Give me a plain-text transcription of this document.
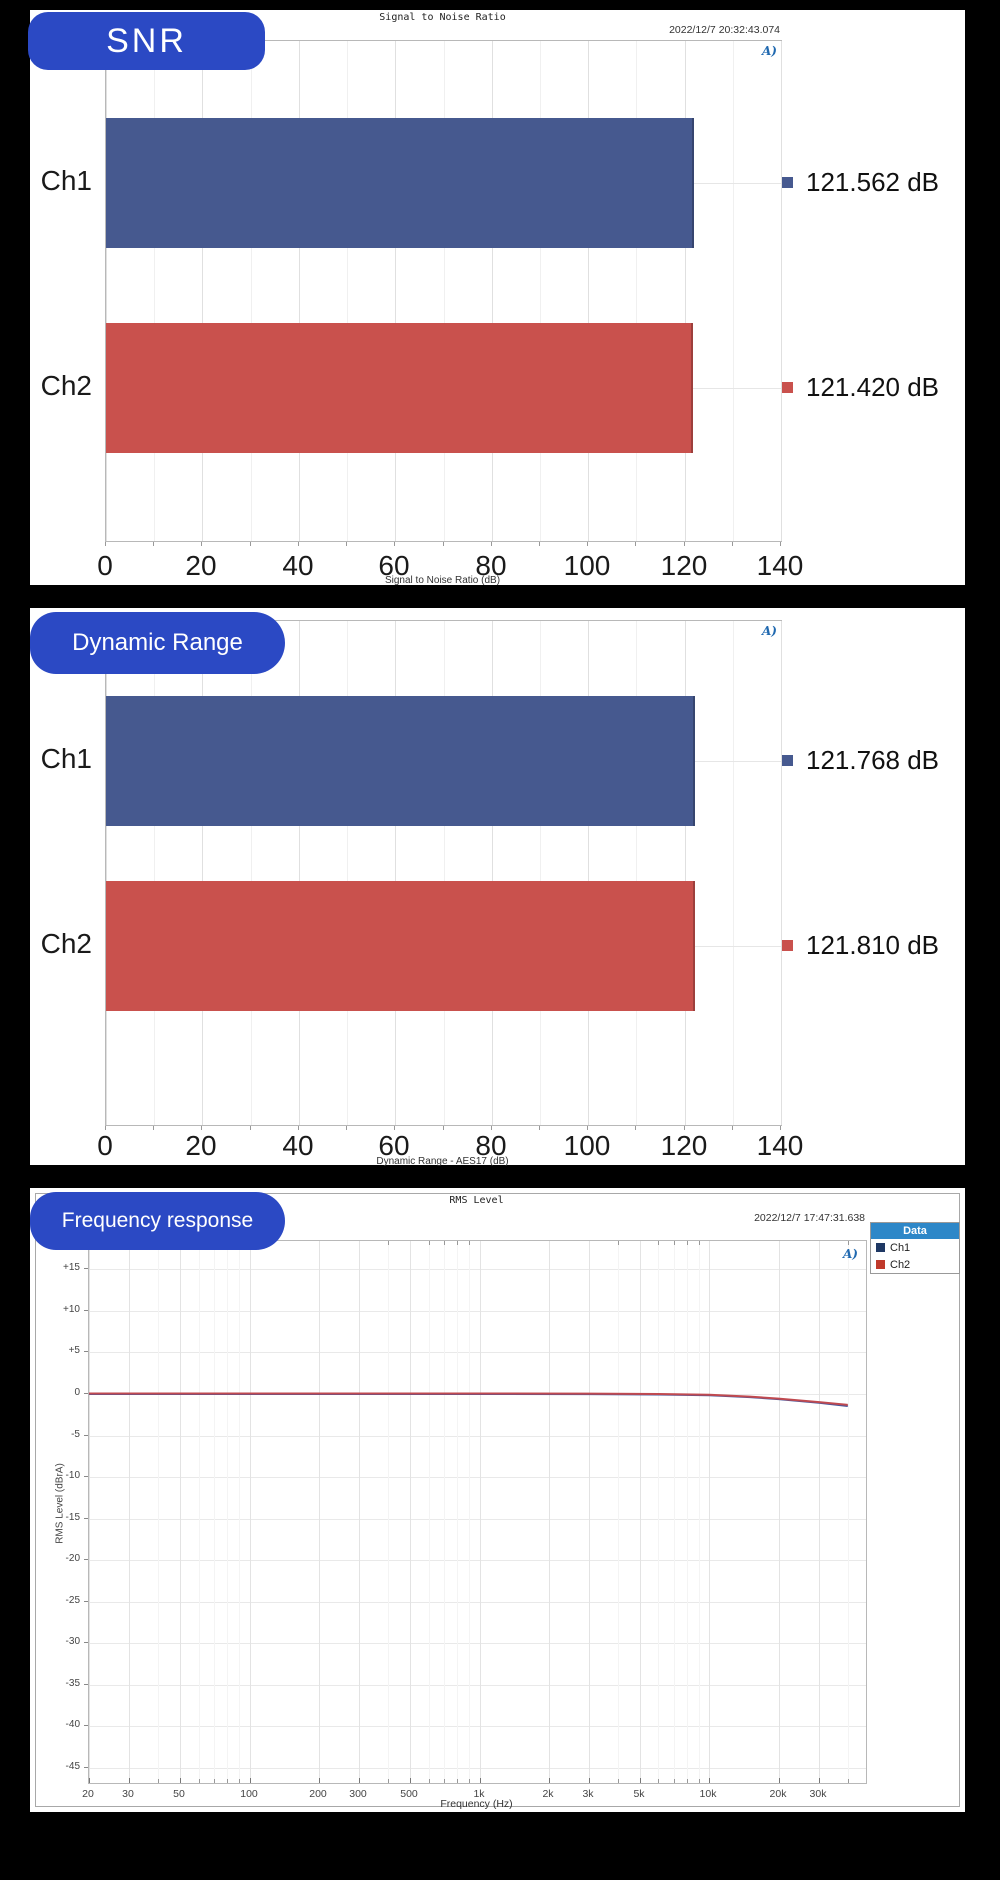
Signal to Noise Ratio
2022/12/7 20:32:43.074
SNR	A)
Signal to Noise Ratio (dB)
Ch1	121.562 dB
Ch2	121.420 dB
0	20	40	60	80	100	120	140
Dynamic Range	A)
Dynamic Range - AES17 (dB)
Ch1	121.768 dB
Ch2	121.810 dB
0	20	40	60	80	100	120	140
RMS Level
2022/12/7 17:47:31.638
Frequency response	Data
Ch1
Ch2
A)
RMS Level (dBrA)
Frequency (Hz)
+15
+10
+5
0
-5
-10
-15
-20
-25
-30
-35
-40
-45
20	30	50	100	200	300	500	1k	2k	3k	5k	10k	20k	30k
